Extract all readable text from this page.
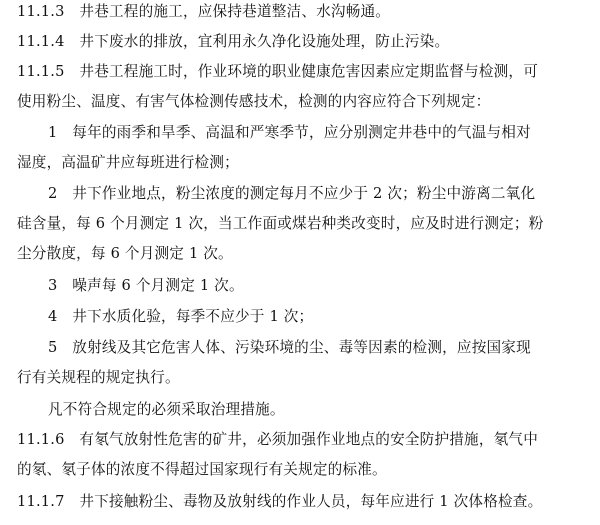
11.1.3　井巷工程的施工，应保持巷道整洁、水沟畅通。
11.1.4　井下废水的排放，宜利用永久净化设施处理，防止污染。
11.1.5　井巷工程施工时，作业环境的职业健康危害因素应定期监督与检测，可
使用粉尘、温度、有害气体检测传感技术，检测的内容应符合下列规定：
1　每年的雨季和旱季、高温和严寒季节，应分别测定井巷中的气温与相对
湿度，高温矿井应每班进行检测；
2　井下作业地点，粉尘浓度的测定每月不应少于 2 次；粉尘中游离二氧化
硅含量，每 6 个月测定 1 次，当工作面或煤岩种类改变时，应及时进行测定；粉
尘分散度，每 6 个月测定 1 次。
3　噪声每 6 个月测定 1 次。
4　井下水质化验，每季不应少于 1 次；
5　放射线及其它危害人体、污染环境的尘、毒等因素的检测，应按国家现
行有关规程的规定执行。
凡不符合规定的必须采取治理措施。
11.1.6　有氡气放射性危害的矿井，必须加强作业地点的安全防护措施，氡气中
的氡、氡子体的浓度不得超过国家现行有关规定的标准。
11.1.7　井下接触粉尘、毒物及放射线的作业人员，每年应进行 1 次体格检查。
